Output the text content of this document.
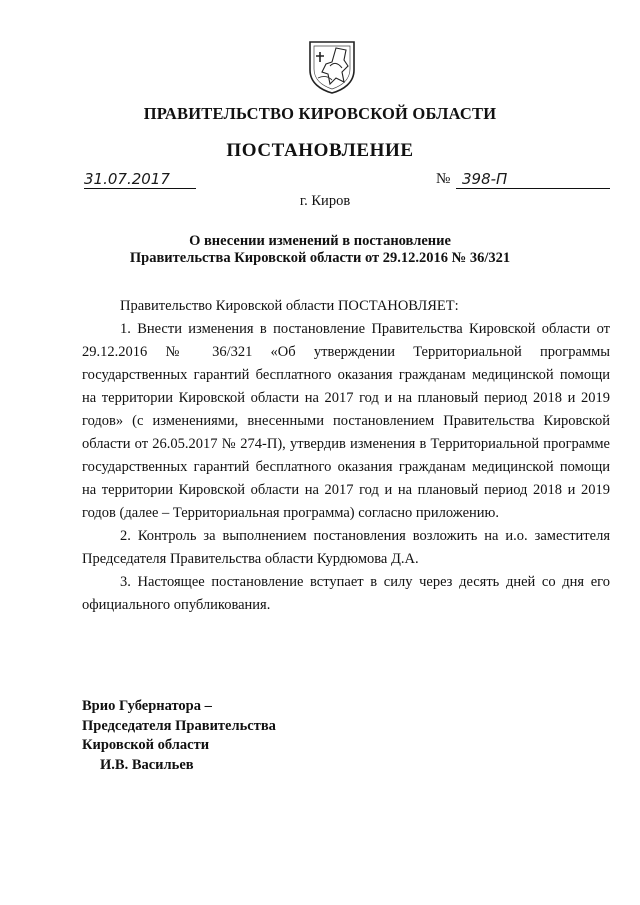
ПРАВИТЕЛЬСТВО КИРОВСКОЙ ОБЛАСТИ
ПОСТАНОВЛЕНИЕ
31.07.2017	№ 398-П
г. Киров
О внесении изменений в постановление
Правительства Кировской области от 29.12.2016 № 36/321

Правительство Кировской области ПОСТАНОВЛЯЕТ:

1. Внести изменения в постановление Правительства Кировской области от 29.12.2016 № 36/321 «Об утверждении Территориальной программы государственных гарантий бесплатного оказания гражданам медицинской помощи на территории Кировской области на 2017 год и на плановый период 2018 и 2019 годов» (с изменениями, внесенными постановлением Правительства Кировской области от 26.05.2017 № 274-П), утвердив изменения в Территориальной программе государственных гарантий бесплатного оказания гражданам медицинской помощи на территории Кировской области на 2017 год и на плановый период 2018 и 2019 годов (далее – Территориальная программа) согласно приложению.

2. Контроль за выполнением постановления возложить на и.о. заместителя Председателя Правительства области Курдюмова Д.А.

3. Настоящее постановление вступает в силу через десять дней со дня его официального опубликования.

Врио Губернатора –
Председателя Правительства
Кировской области
И.В. Васильев
